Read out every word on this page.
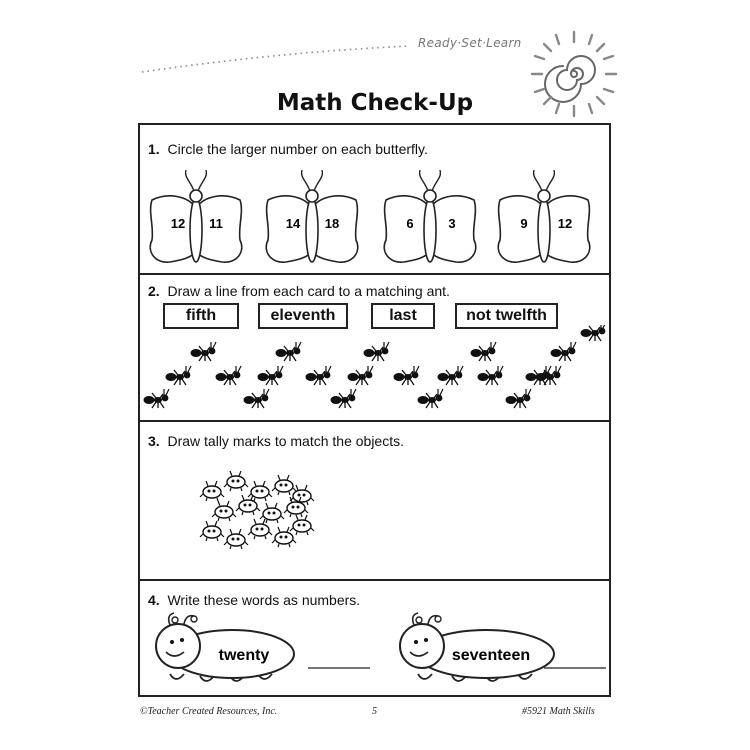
Ready·Set·Learn
Math Check-Up
1. Circle the larger number on each butterfly.
12 11	14 18	6	3	9 12
2. Draw a line from each card to a matching ant.
fifth	eleventh	last	not twelfth
3. Draw tally marks to match the objects.
4. Write these words as numbers.
twenty	seventeen
©Teacher Created Resources, Inc.	5	#5921 Math Skills
